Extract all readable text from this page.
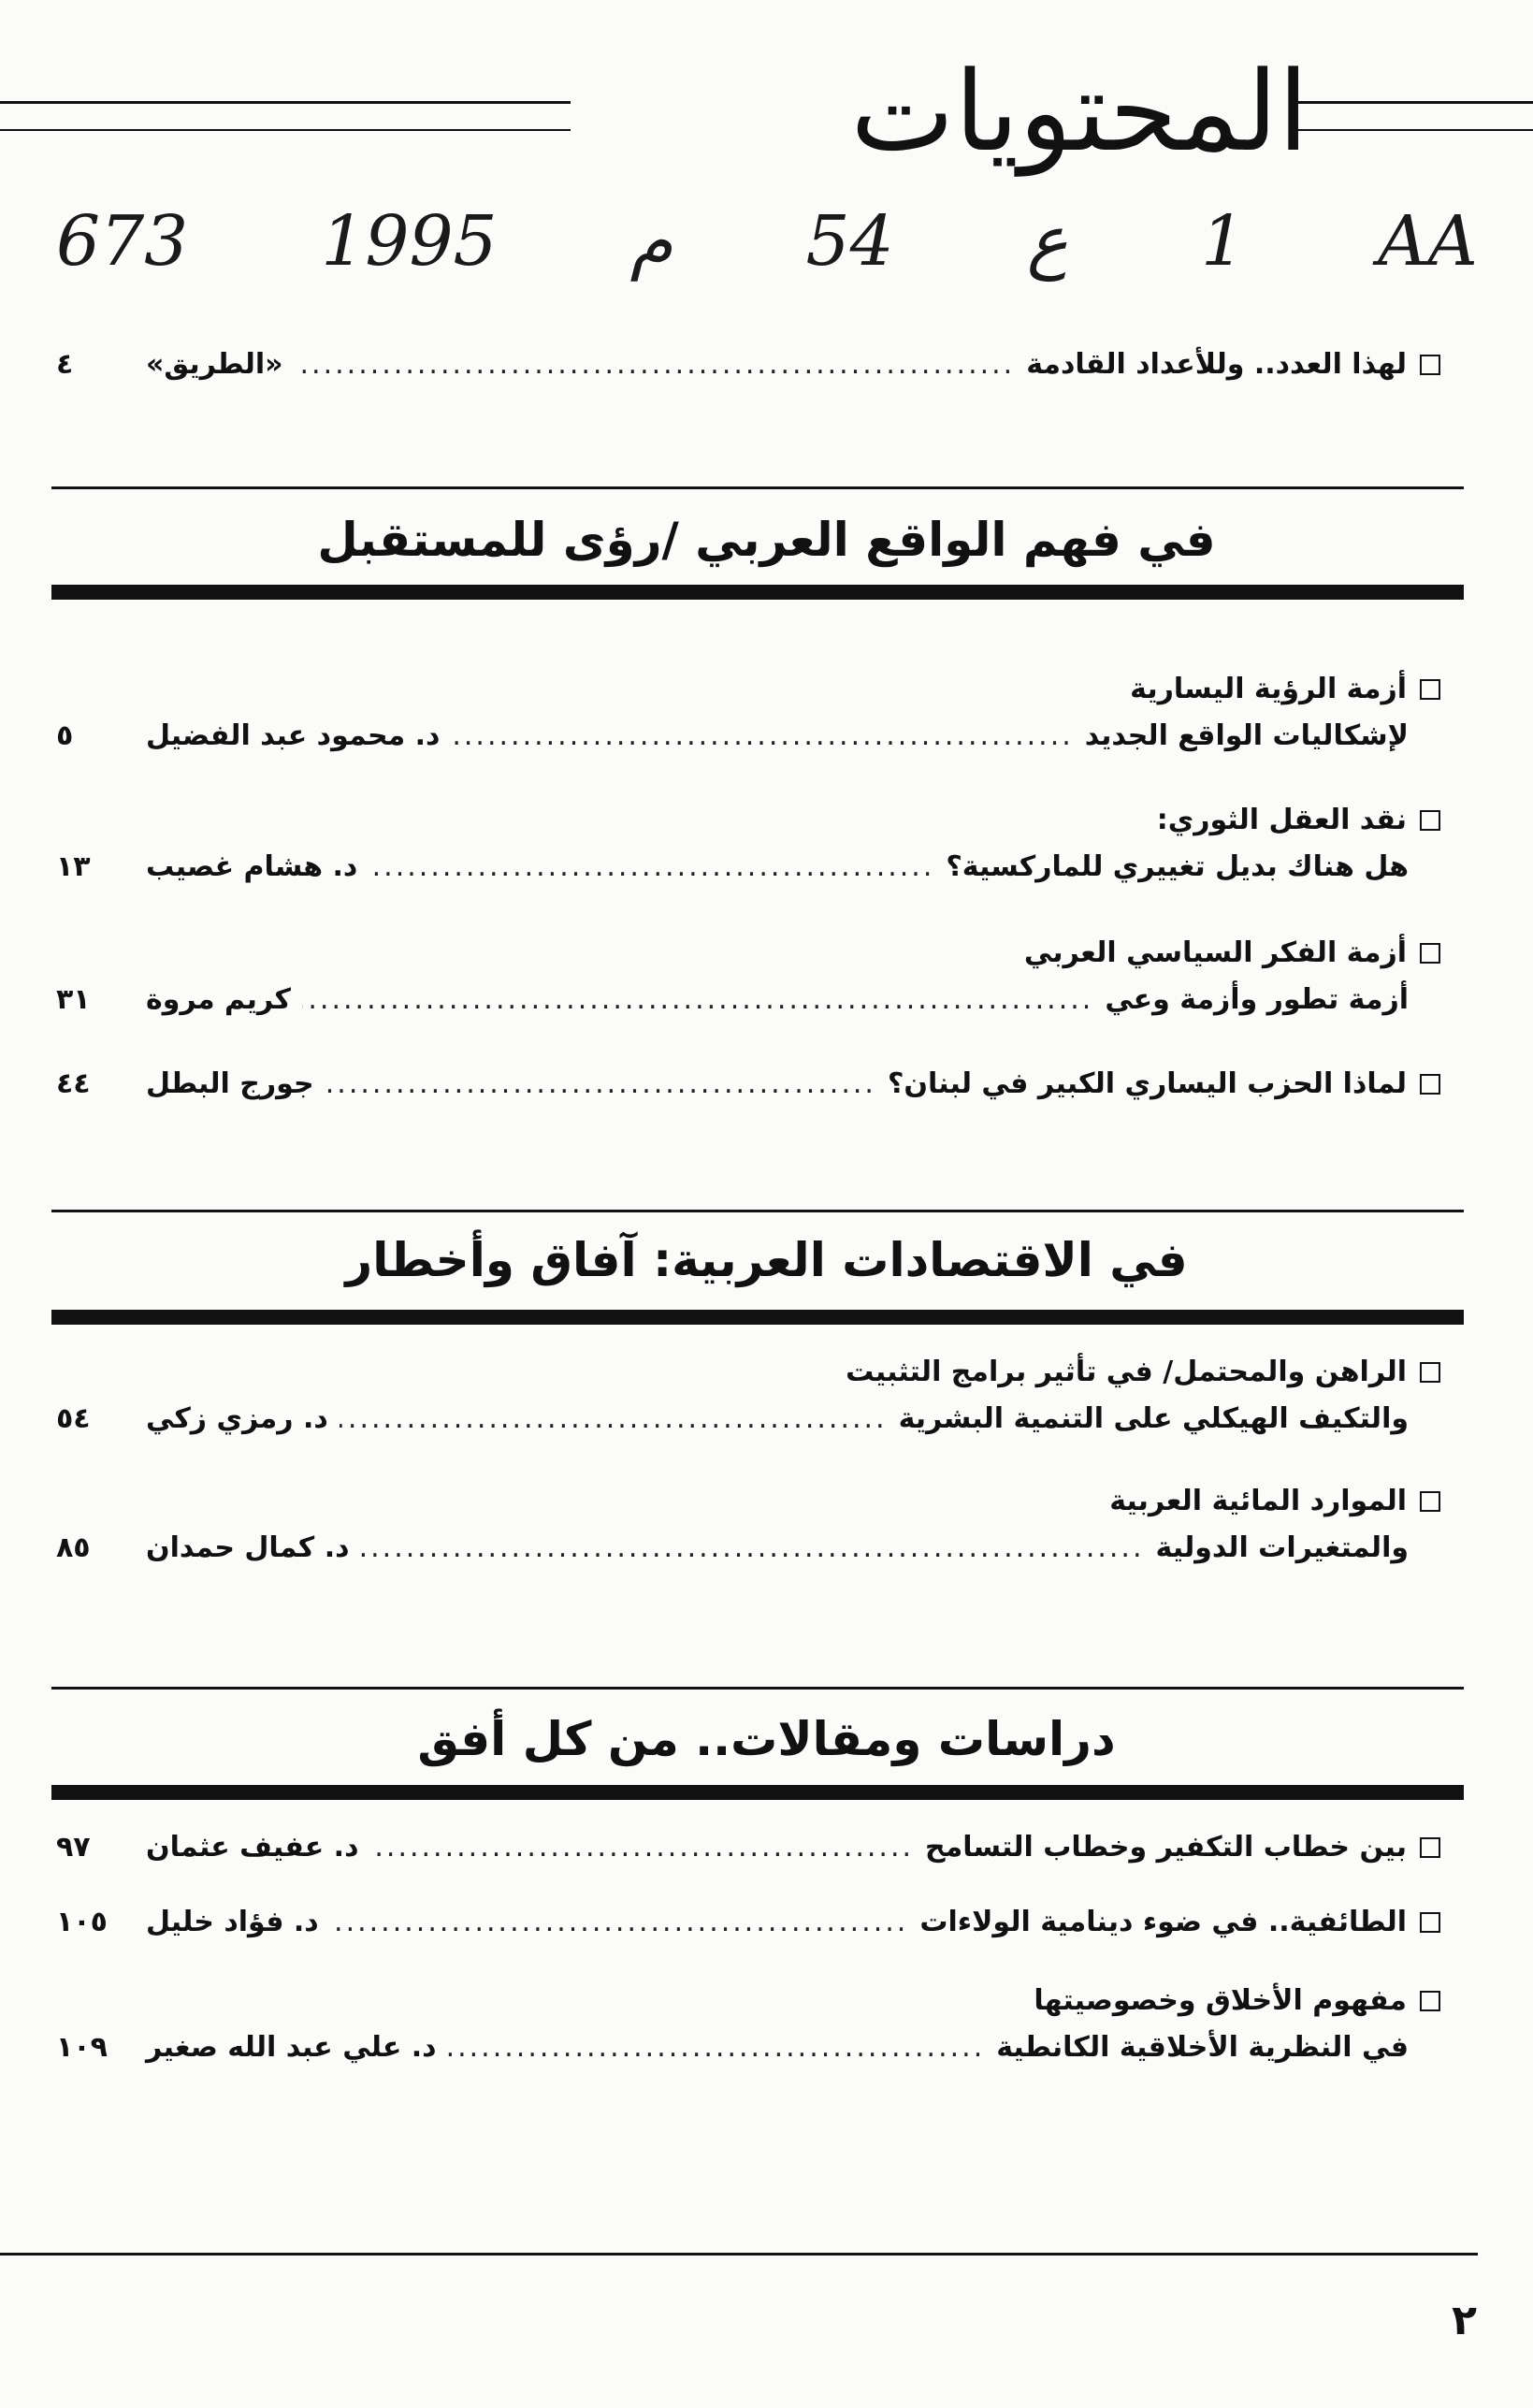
المحتويات
AA
1
ع
54
م
1995
673
لهذا العدد.. وللأعداد القادمة
.....
«الطريق»
٤
في فهم الواقع العربي /رؤى للمستقبل
أزمة الرؤية اليسارية
لإشكاليات الواقع الجديد
.....
د. محمود عبد الفضيل
٥
نقد العقل الثوري:
هل هناك بديل تغييري للماركسية؟
.....
د. هشام غصيب
١٣
أزمة الفكر السياسي العربي
أزمة تطور وأزمة وعي
.....
كريم مروة
٣١
لماذا الحزب اليساري الكبير في لبنان؟
.....
جورج البطل
٤٤
في الاقتصادات العربية: آفاق وأخطار
الراهن والمحتمل/ في تأثير برامج التثبيت
والتكيف الهيكلي على التنمية البشرية
.....
د. رمزي زكي
٥٤
الموارد المائية العربية
والمتغيرات الدولية
.....
د. كمال حمدان
٨٥
دراسات ومقالات.. من كل أفق
بين خطاب التكفير وخطاب التسامح
.....
د. عفيف عثمان
٩٧
الطائفية.. في ضوء دينامية الولاءات
.....
د. فؤاد خليل
١٠٥
مفهوم الأخلاق وخصوصيتها
في النظرية الأخلاقية الكانطية
.....
د. علي عبد الله صغير
١٠٩
٢
